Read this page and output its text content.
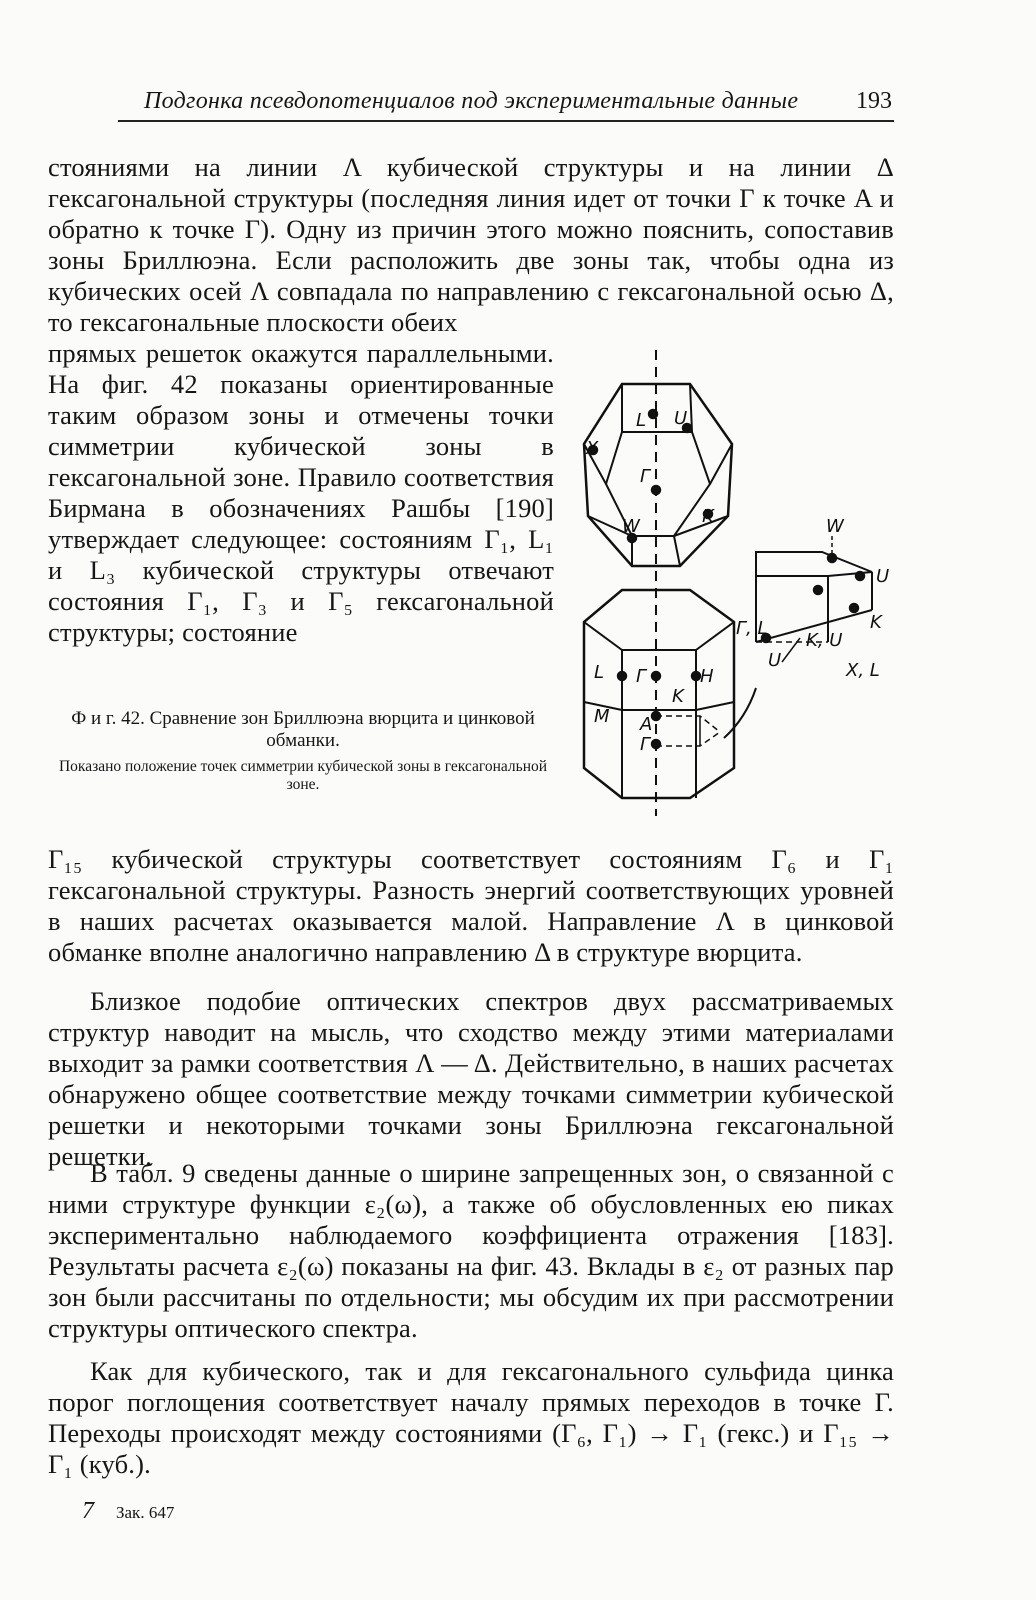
Подгонка псевдопотенциалов под экспериментальные данные 193

стояниями на линии Λ кубической структуры и на линии Δ гексагональной структуры (последняя линия идет от точки Г к точке A и обратно к точке Г). Одну из причин этого можно пояснить, сопоставив зоны Бриллюэна. Если расположить две зоны так, чтобы одна из кубических осей Λ совпадала по направлению с гексагональной осью Δ, то гексагональные плоскости обеих

прямых решеток окажутся параллельными. На фиг. 42 показаны ориентированные таким образом зоны и отмечены точки симметрии кубической зоны в гексагональной зоне. Правило соответствия Бирмана в обозначениях Рашбы [190] утверждает следующее: состояниям Г₁, L₁ и L₃ кубической структуры отвечают состояния Г₁, Г₃ и Г₅ гексагональной структуры; состояние

Ф и г. 42. Сравнение зон Бриллюэна вюрцита и цинковой обманки.
Показано положение точек симметрии кубической зоны в гексагональной зоне.
L U
X
Г
W	K
L
M
Г	H
K
A
Г
W
U
Г, L
K, U
K
U	X, L

Г₁₅ кубической структуры соответствует состояниям Г₆ и Г₁ гексагональной структуры. Разность энергий соответствующих уровней в наших расчетах оказывается малой. Направление Λ в цинковой обманке вполне аналогично направлению Δ в структуре вюрцита.

Близкое подобие оптических спектров двух рассматриваемых структур наводит на мысль, что сходство между этими материалами выходит за рамки соответствия Λ — Δ. Действительно, в наших расчетах обнаружено общее соответствие между точками симметрии кубической решетки и некоторыми точками зоны Бриллюэна гексагональной решетки.

В табл. 9 сведены данные о ширине запрещенных зон, о связанной с ними структуре функции ε₂(ω), а также об обусловленных ею пиках экспериментально наблюдаемого коэффициента отражения [183]. Результаты расчета ε₂(ω) показаны на фиг. 43. Вклады в ε₂ от разных пар зон были рассчитаны по отдельности; мы обсудим их при рассмотрении структуры оптического спектра.

Как для кубического, так и для гексагонального сульфида цинка порог поглощения соответствует началу прямых переходов в точке Г. Переходы происходят между состояниями (Г₆, Г₁) → Г₁ (гекс.) и Г₁₅ → Г₁ (куб.).

7 Зак. 647
